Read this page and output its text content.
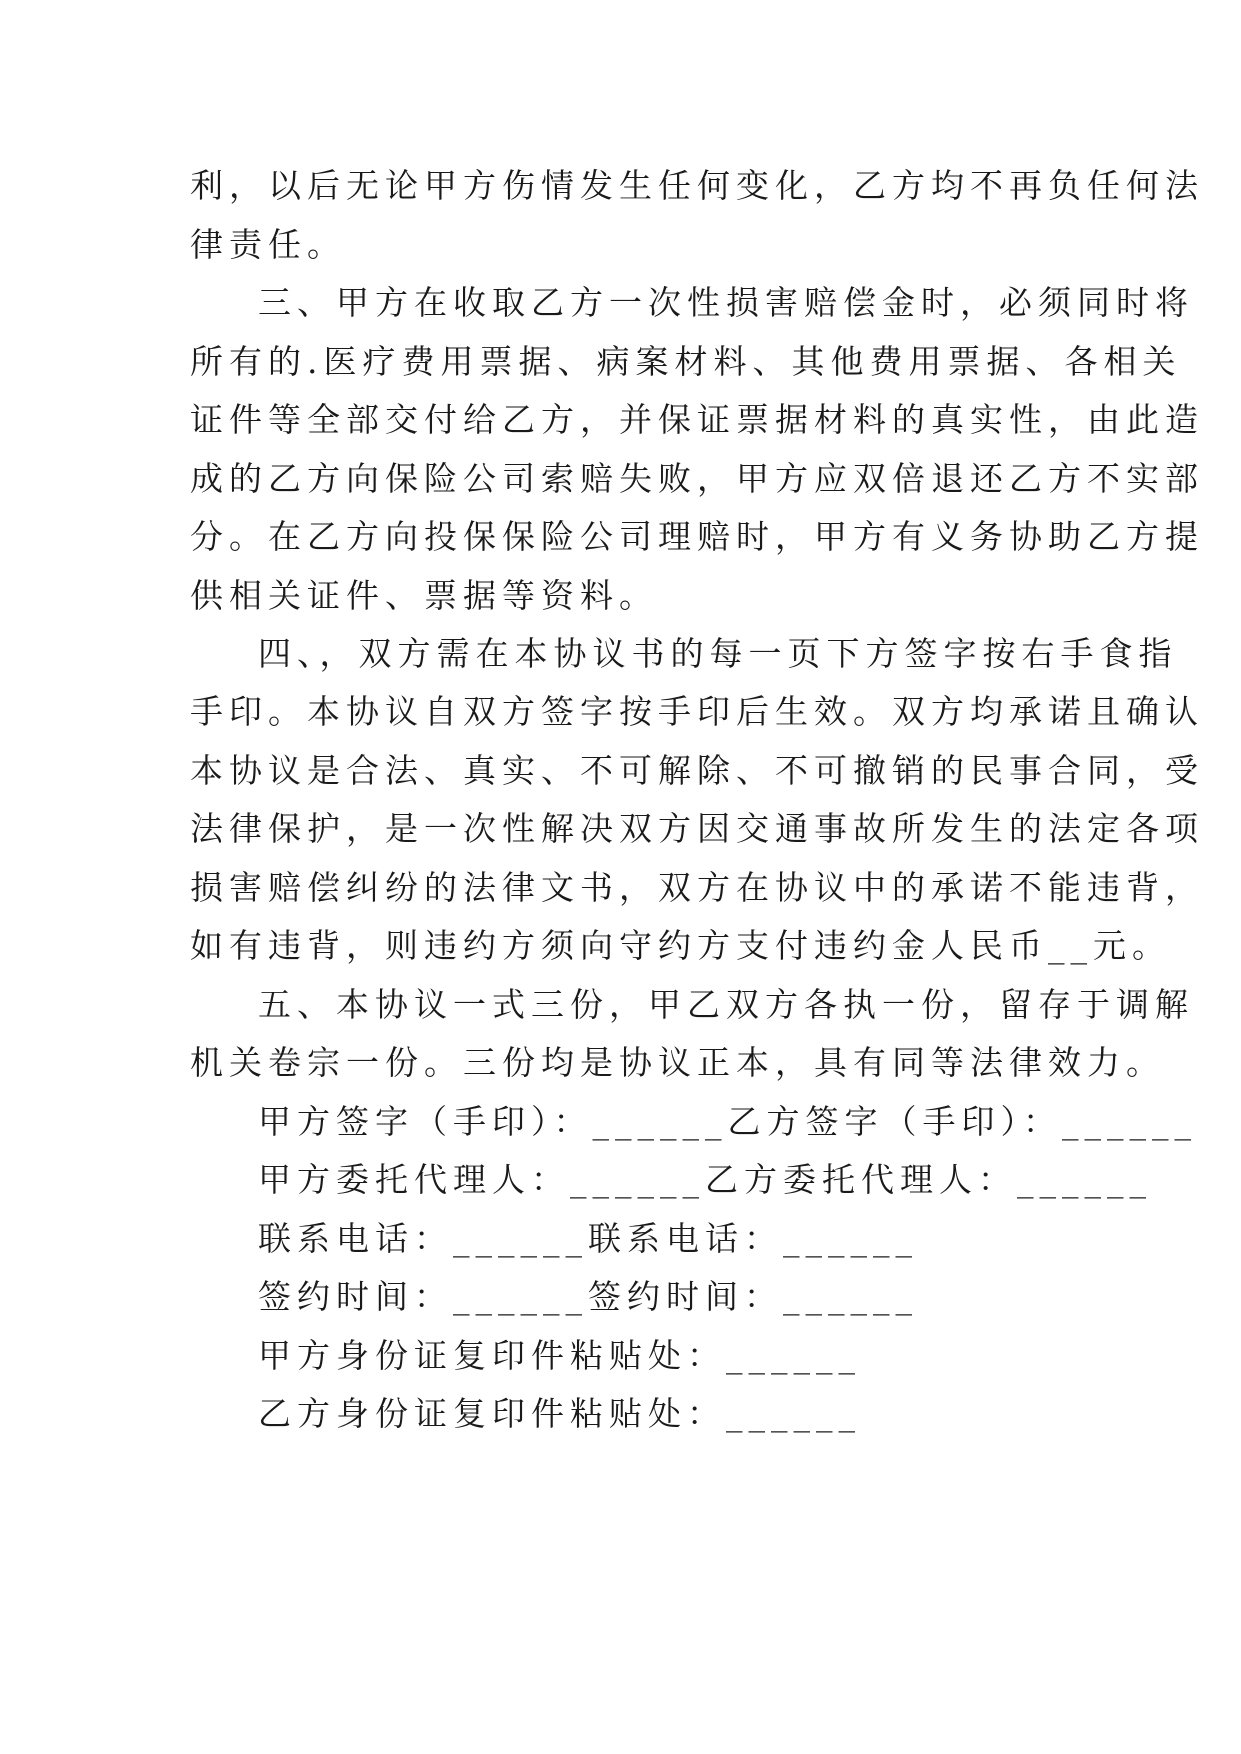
利，以后无论甲方伤情发生任何变化，乙方均不再负任何法
律责任。
三、甲方在收取乙方一次性损害赔偿金时，必须同时将
所有的.医疗费用票据、病案材料、其他费用票据、各相关
证件等全部交付给乙方，并保证票据材料的真实性，由此造
成的乙方向保险公司索赔失败，甲方应双倍退还乙方不实部
分。在乙方向投保保险公司理赔时，甲方有义务协助乙方提
供相关证件、票据等资料。
四、，双方需在本协议书的每一页下方签字按右手食指
手印。本协议自双方签字按手印后生效。双方均承诺且确认
本协议是合法、真实、不可解除、不可撤销的民事合同，受
法律保护，是一次性解决双方因交通事故所发生的法定各项
损害赔偿纠纷的法律文书，双方在协议中的承诺不能违背，
如有违背，则违约方须向守约方支付违约金人民币__元。
五、本协议一式三份，甲乙双方各执一份，留存于调解
机关卷宗一份。三份均是协议正本，具有同等法律效力。
甲方签字（手印）：______乙方签字（手印）：______
甲方委托代理人：______乙方委托代理人：______
联系电话：______联系电话：______
签约时间：______签约时间：______
甲方身份证复印件粘贴处：______
乙方身份证复印件粘贴处：______
